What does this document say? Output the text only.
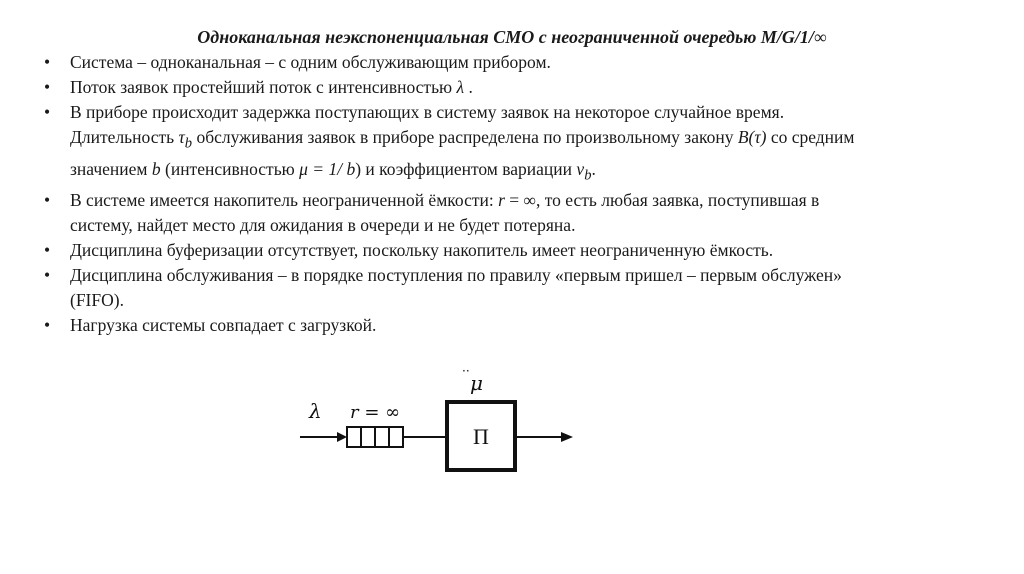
Одноканальная неэкспоненциальная СМО с неограниченной очередью M/G/1/∞
• Система – одноканальная – с одним обслуживающим прибором.
• Поток заявок простейший поток с интенсивностью λ .
• В приборе происходит задержка поступающих в систему заявок на некоторое случайное время.
Длительность $\tau_b$ обслуживания заявок в приборе распределена по произвольному закону B(τ) со средним
значением b (интенсивностью μ = 1/ b) и коэффициентом вариации $v_b$.
• В системе имеется накопитель неограниченной ёмкости: r = ∞, то есть любая заявка, поступившая в
систему, найдет место для ожидания в очереди и не будет потеряна.
• Дисциплина буферизации отсутствует, поскольку накопитель имеет неограниченную ёмкость.
• Дисциплина обслуживания – в порядке поступления по правилу «первым пришел – первым обслужен»
(FIFO).
• Нагрузка системы совпадает с загрузкой.
λ r = ∞
·· μ
П
